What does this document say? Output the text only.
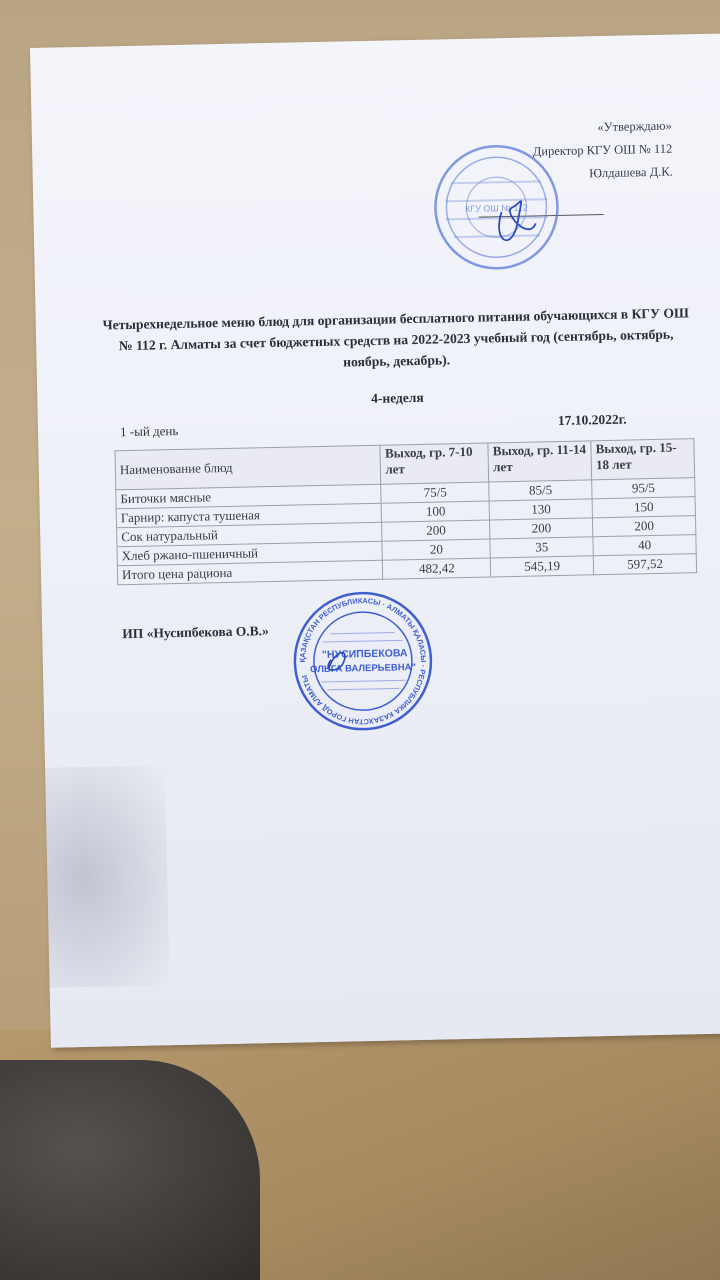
«Утверждаю»
Директор КГУ ОШ № 112
Юлдашева Д.К.
КГУ ОШ № 112
Четырехнедельное меню блюд для организации бесплатного питания обучающихся в КГУ ОШ № 112 г. Алматы за счет бюджетных средств на 2022-2023 учебный год (сентябрь, октябрь, ноябрь, декабрь).
4-неделя
1 -ый день
17.10.2022г.
Наименование блюд	Выход, гр. 7-10 лет	Выход, гр. 11-14 лет	Выход, гр. 15-18 лет
Биточки мясные	75/5	85/5	95/5
Гарнир: капуста тушеная	100	130	150
Сок натуральный	200	200	200
Хлеб ржано-пшеничный	20	35	40
Итого цена рациона	482,42	545,19	597,52
ИП «Нусипбекова О.В.»
ҚАЗАҚСТАН РЕСПУБЛИКАСЫ · АЛМАТЫ ҚАЛАСЫ · РЕСПУБЛИКА КАЗАХСТАН ГОРОД АЛМАТЫ
"НУСИПБЕКОВА
ОЛЬГА ВАЛЕРЬЕВНА"
